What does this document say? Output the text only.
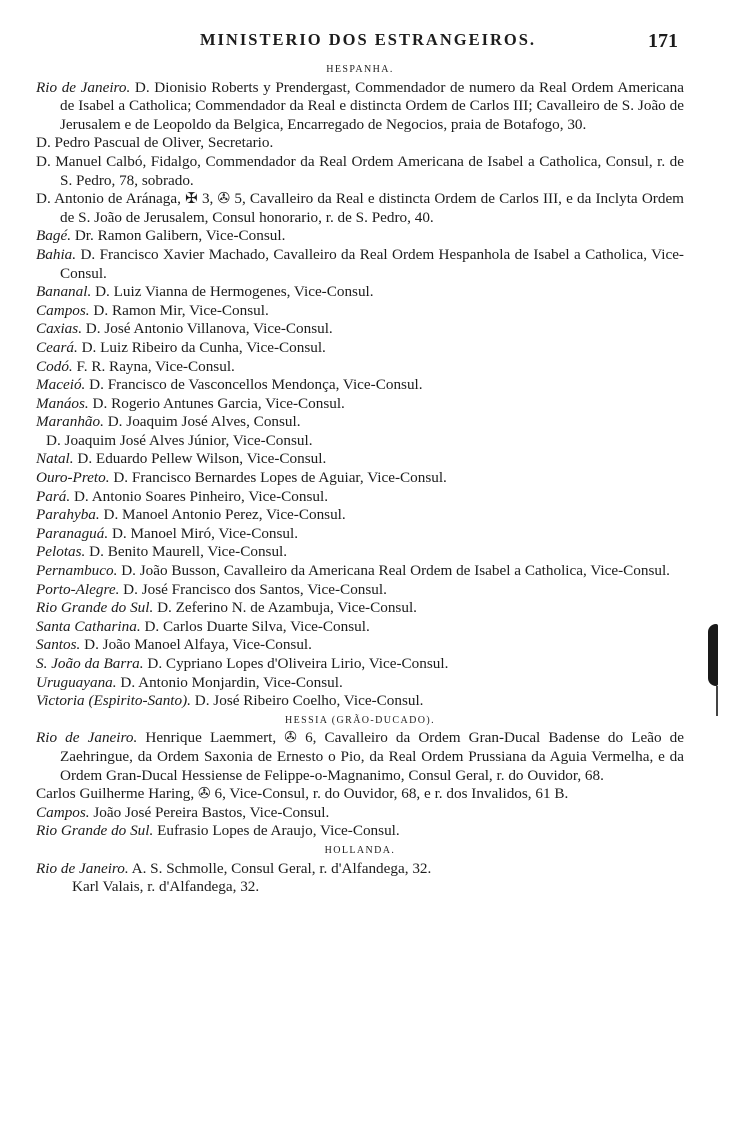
MINISTERIO DOS ESTRANGEIROS.	171

HESPANHA.

Rio de Janeiro. D. Dionisio Roberts y Prendergast, Commendador de numero da Real Ordem Americana de Isabel a Catholica; Commendador da Real e distincta Ordem de Carlos III; Cavalleiro de S. João de Jerusalem e de Leopoldo da Belgica, Encarregado de Negocios, praia de Botafogo, 30.

D. Pedro Pascual de Oliver, Secretario.

D. Manuel Calbó, Fidalgo, Commendador da Real Ordem Americana de Isabel a Catholica, Consul, r. de S. Pedro, 78, sobrado.

D. Antonio de Aránaga, ✠ 3, ✇ 5, Cavalleiro da Real e distincta Ordem de Carlos III, e da Inclyta Ordem de S. João de Jerusalem, Consul honorario, r. de S. Pedro, 40.

Bagé. Dr. Ramon Galibern, Vice-Consul.

Bahia. D. Francisco Xavier Machado, Cavalleiro da Real Ordem Hespanhola de Isabel a Catholica, Vice-Consul.

Bananal. D. Luiz Vianna de Hermogenes, Vice-Consul.

Campos. D. Ramon Mir, Vice-Consul.

Caxias. D. José Antonio Villanova, Vice-Consul.

Ceará. D. Luiz Ribeiro da Cunha, Vice-Consul.

Codó. F. R. Rayna, Vice-Consul.

Maceió. D. Francisco de Vasconcellos Mendonça, Vice-Consul.

Manáos. D. Rogerio Antunes Garcia, Vice-Consul.

Maranhão. D. Joaquim José Alves, Consul.

D. Joaquim José Alves Júnior, Vice-Consul.

Natal. D. Eduardo Pellew Wilson, Vice-Consul.

Ouro-Preto. D. Francisco Bernardes Lopes de Aguiar, Vice-Consul.

Pará. D. Antonio Soares Pinheiro, Vice-Consul.

Parahyba. D. Manoel Antonio Perez, Vice-Consul.

Paranaguá. D. Manoel Miró, Vice-Consul.

Pelotas. D. Benito Maurell, Vice-Consul.

Pernambuco. D. João Busson, Cavalleiro da Americana Real Ordem de Isabel a Catholica, Vice-Consul.

Porto-Alegre. D. José Francisco dos Santos, Vice-Consul.

Rio Grande do Sul. D. Zeferino N. de Azambuja, Vice-Consul.

Santa Catharina. D. Carlos Duarte Silva, Vice-Consul.

Santos. D. João Manoel Alfaya, Vice-Consul.

S. João da Barra. D. Cypriano Lopes d'Oliveira Lirio, Vice-Consul.

Uruguayana. D. Antonio Monjardin, Vice-Consul.

Victoria (Espirito-Santo). D. José Ribeiro Coelho, Vice-Consul.

HESSIA (GRÃO-DUCADO).

Rio de Janeiro. Henrique Laemmert, ✇ 6, Cavalleiro da Ordem Gran-Ducal Badense do Leão de Zaehringue, da Ordem Saxonia de Ernesto o Pio, da Real Ordem Prussiana da Aguia Vermelha, e da Ordem Gran-Ducal Hessiense de Felippe-o-Magnanimo, Consul Geral, r. do Ouvidor, 68.

Carlos Guilherme Haring, ✇ 6, Vice-Consul, r. do Ouvidor, 68, e r. dos Invalidos, 61 B.

Campos. João José Pereira Bastos, Vice-Consul.

Rio Grande do Sul. Eufrasio Lopes de Araujo, Vice-Consul.

HOLLANDA.

Rio de Janeiro. A. S. Schmolle, Consul Geral, r. d'Alfandega, 32.

Karl Valais, r. d'Alfandega, 32.
